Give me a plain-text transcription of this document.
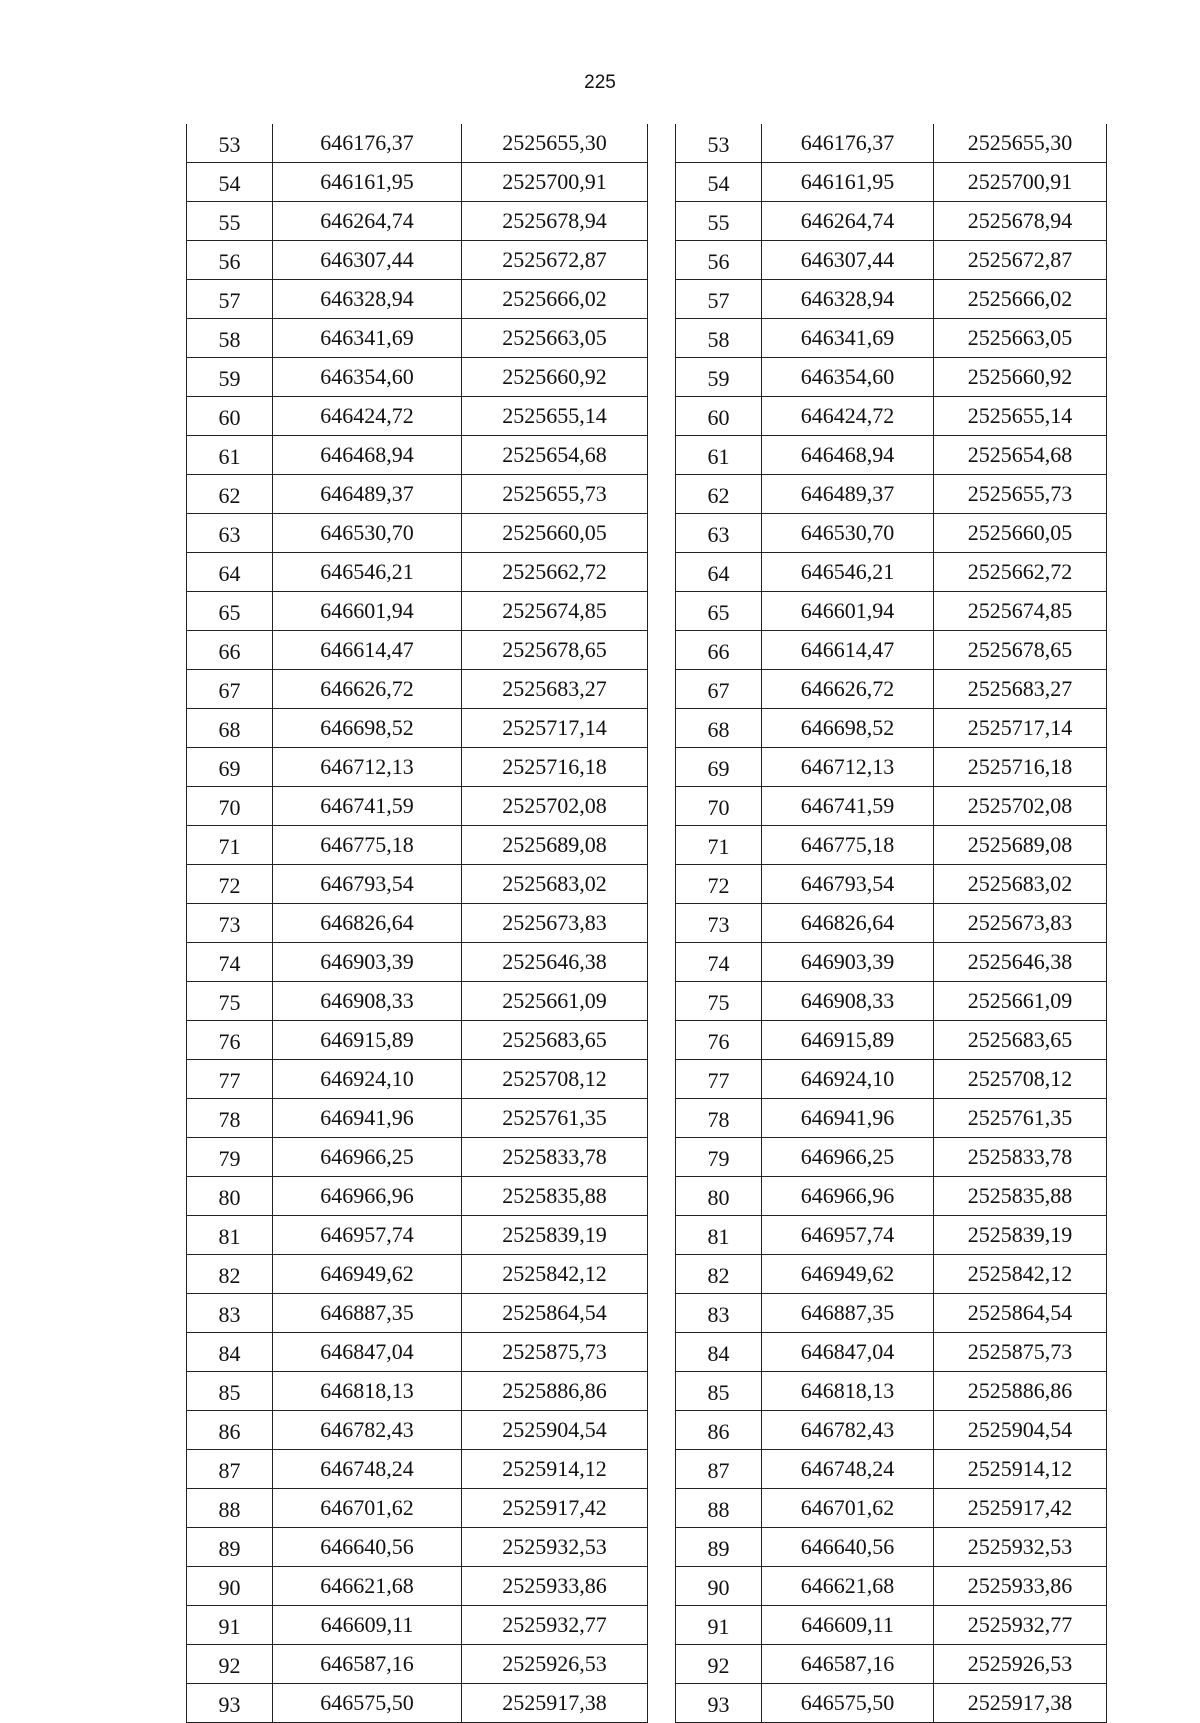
225
53	646176,37	2525655,30
54	646161,95	2525700,91
55	646264,74	2525678,94
56	646307,44	2525672,87
57	646328,94	2525666,02
58	646341,69	2525663,05
59	646354,60	2525660,92
60	646424,72	2525655,14
61	646468,94	2525654,68
62	646489,37	2525655,73
63	646530,70	2525660,05
64	646546,21	2525662,72
65	646601,94	2525674,85
66	646614,47	2525678,65
67	646626,72	2525683,27
68	646698,52	2525717,14
69	646712,13	2525716,18
70	646741,59	2525702,08
71	646775,18	2525689,08
72	646793,54	2525683,02
73	646826,64	2525673,83
74	646903,39	2525646,38
75	646908,33	2525661,09
76	646915,89	2525683,65
77	646924,10	2525708,12
78	646941,96	2525761,35
79	646966,25	2525833,78
80	646966,96	2525835,88
81	646957,74	2525839,19
82	646949,62	2525842,12
83	646887,35	2525864,54
84	646847,04	2525875,73
85	646818,13	2525886,86
86	646782,43	2525904,54
87	646748,24	2525914,12
88	646701,62	2525917,42
89	646640,56	2525932,53
90	646621,68	2525933,86
91	646609,11	2525932,77
92	646587,16	2525926,53
93	646575,50	2525917,38
53	646176,37	2525655,30
54	646161,95	2525700,91
55	646264,74	2525678,94
56	646307,44	2525672,87
57	646328,94	2525666,02
58	646341,69	2525663,05
59	646354,60	2525660,92
60	646424,72	2525655,14
61	646468,94	2525654,68
62	646489,37	2525655,73
63	646530,70	2525660,05
64	646546,21	2525662,72
65	646601,94	2525674,85
66	646614,47	2525678,65
67	646626,72	2525683,27
68	646698,52	2525717,14
69	646712,13	2525716,18
70	646741,59	2525702,08
71	646775,18	2525689,08
72	646793,54	2525683,02
73	646826,64	2525673,83
74	646903,39	2525646,38
75	646908,33	2525661,09
76	646915,89	2525683,65
77	646924,10	2525708,12
78	646941,96	2525761,35
79	646966,25	2525833,78
80	646966,96	2525835,88
81	646957,74	2525839,19
82	646949,62	2525842,12
83	646887,35	2525864,54
84	646847,04	2525875,73
85	646818,13	2525886,86
86	646782,43	2525904,54
87	646748,24	2525914,12
88	646701,62	2525917,42
89	646640,56	2525932,53
90	646621,68	2525933,86
91	646609,11	2525932,77
92	646587,16	2525926,53
93	646575,50	2525917,38
